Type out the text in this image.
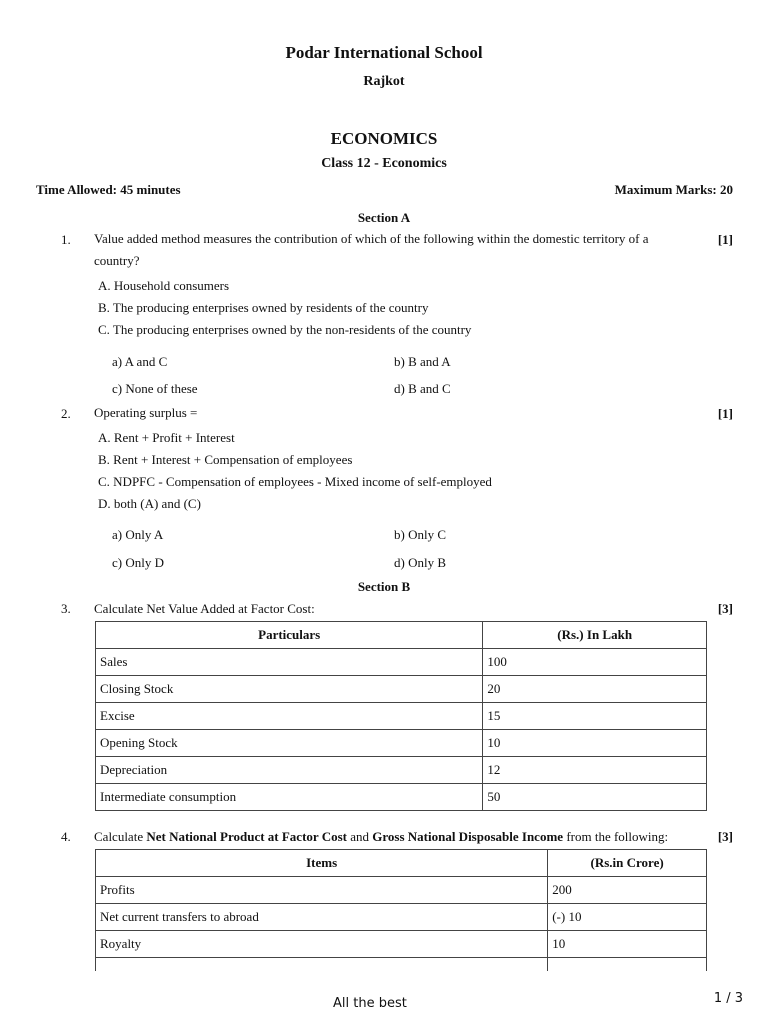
Podar International School
Rajkot
ECONOMICS
Class 12 - Economics
Time Allowed: 45 minutes	Maximum Marks: 20
Section A
1. Value added method measures the contribution of which of the following within the domestic territory of a country?
[1]
A. Household consumers
B. The producing enterprises owned by residents of the country
C. The producing enterprises owned by the non-residents of the country
a) A and C	b) B and A
c) None of these	d) B and C
2. Operating surplus =	[1]
A. Rent + Profit + Interest
B. Rent + Interest + Compensation of employees
C. NDPFC - Compensation of employees - Mixed income of self-employed
D. both (A) and (C)
a) Only A	b) Only C
c) Only D	d) Only B
Section B
3. Calculate Net Value Added at Factor Cost:	[3]
Particulars	(Rs.) In Lakh
Sales	100
Closing Stock	20
Excise	15
Opening Stock	10
Depreciation	12
Intermediate consumption	50
4. Calculate Net National Product at Factor Cost and Gross National Disposable Income from the following:	[3]
Items	(Rs.in Crore)
Profits	200
Net current transfers to abroad	(-) 10
Royalty	10

All the best	1 / 3
